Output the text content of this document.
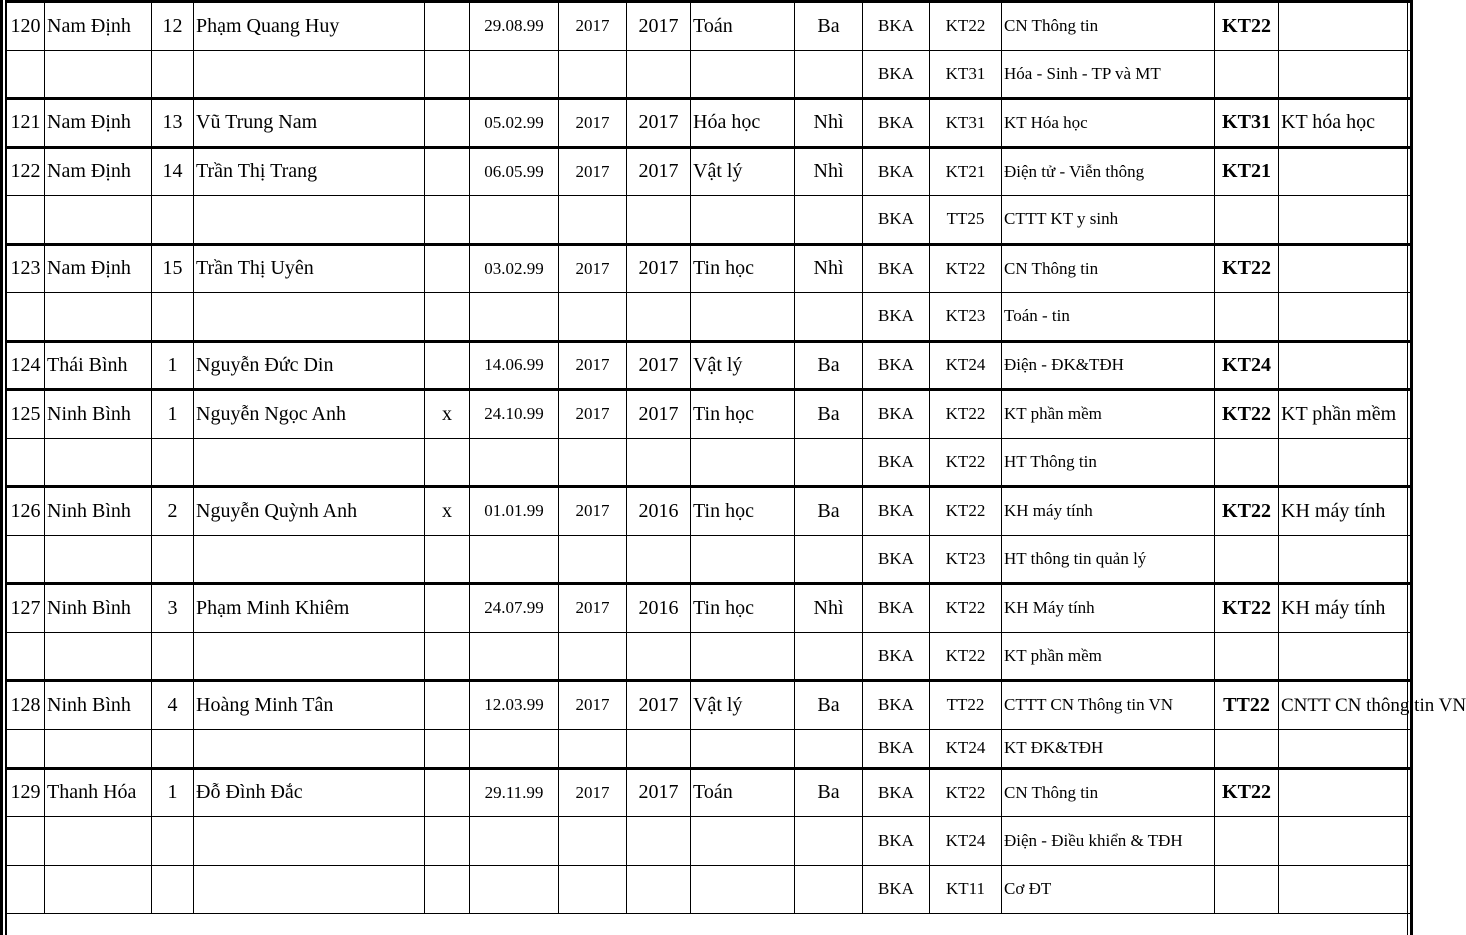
120	Nam Định	12	Phạm Quang Huy		29.08.99	2017	2017	Toán	Ba	BKA	KT22	CN Thông tin	KT22	
										BKA	KT31	Hóa - Sinh - TP và MT		
121	Nam Định	13	Vũ Trung Nam		05.02.99	2017	2017	Hóa học	Nhì	BKA	KT31	KT Hóa học	KT31	KT hóa học
122	Nam Định	14	Trần Thị Trang		06.05.99	2017	2017	Vật lý	Nhì	BKA	KT21	Điện tử - Viễn thông	KT21	
										BKA	TT25	CTTT KT y sinh		
123	Nam Định	15	Trần Thị Uyên		03.02.99	2017	2017	Tin học	Nhì	BKA	KT22	CN Thông tin	KT22	
										BKA	KT23	Toán - tin		
124	Thái Bình	1	Nguyễn Đức Din		14.06.99	2017	2017	Vật lý	Ba	BKA	KT24	Điện - ĐK&TĐH	KT24	
125	Ninh Bình	1	Nguyễn Ngọc Anh	x	24.10.99	2017	2017	Tin học	Ba	BKA	KT22	KT phần mềm	KT22	KT phần mềm
										BKA	KT22	HT Thông tin		
126	Ninh Bình	2	Nguyễn Quỳnh Anh	x	01.01.99	2017	2016	Tin học	Ba	BKA	KT22	KH máy tính	KT22	KH máy tính
										BKA	KT23	HT thông tin quản lý		
127	Ninh Bình	3	Phạm Minh Khiêm		24.07.99	2017	2016	Tin học	Nhì	BKA	KT22	KH Máy tính	KT22	KH máy tính
										BKA	KT22	KT phần mềm		
128	Ninh Bình	4	Hoàng Minh Tân		12.03.99	2017	2017	Vật lý	Ba	BKA	TT22	CTTT CN Thông tin VN	TT22	CNTT CN thông tin VN
										BKA	KT24	KT ĐK&TĐH		
129	Thanh Hóa	1	Đỗ Đình Đắc		29.11.99	2017	2017	Toán	Ba	BKA	KT22	CN Thông tin	KT22	
										BKA	KT24	Điện - Điều khiển & TĐH		
										BKA	KT11	Cơ ĐT		
